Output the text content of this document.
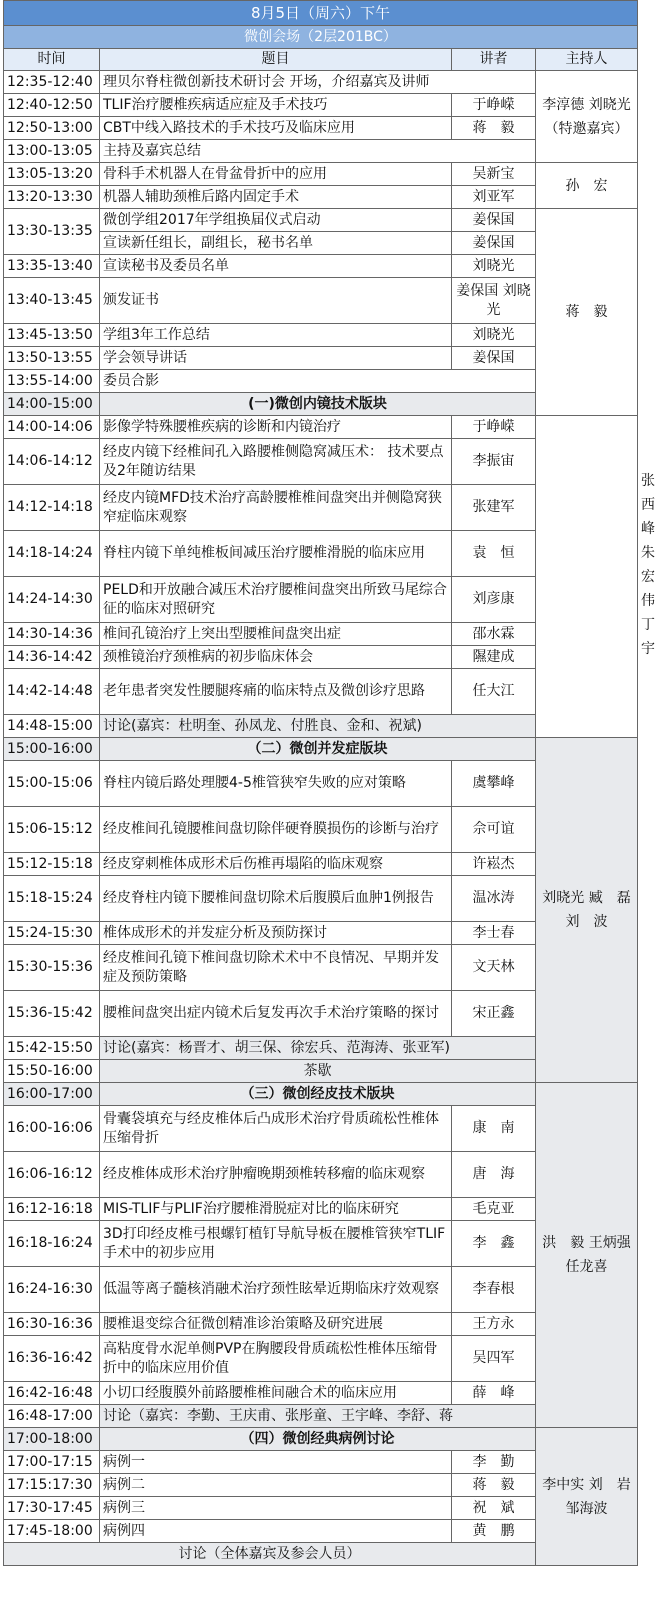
8月5日（周六）下午				
微创会场（2层201BC）				
时间	题目	讲者	主持人	
12:35-12:40	理贝尔脊柱微创新技术研讨会 开场，介绍嘉宾及讲师		李淳德 刘晓光（特邀嘉宾）	
12:40-12:50	TLIF治疗腰椎疾病适应症及手术技巧	于峥嵘		
12:50-13:00	CBT中线入路技术的手术技巧及临床应用	蒋　毅		
13:00-13:05	主持及嘉宾总结			
13:05-13:20	骨科手术机器人在骨盆骨折中的应用	吴新宝	孙　宏	
13:20-13:30	机器人辅助颈椎后路内固定手术	刘亚军		
13:30-13:35	微创学组2017年学组换届仪式启动	姜保国	蒋　毅	
	宣读新任组长，副组长，秘书名单	姜保国		
13:35-13:40	宣读秘书及委员名单	刘晓光		
13:40-13:45	颁发证书	姜保国 刘晓光		
13:45-13:50	学组3年工作总结	刘晓光		
13:50-13:55	学会领导讲话	姜保国		
13:55-14:00	委员合影			
14:00-15:00	(一)微创内镜技术版块			张西峰 朱宏伟 丁　宇
14:00-14:06	影像学特殊腰椎疾病的诊断和内镜治疗	于峥嵘		
14:06-14:12	经皮内镜下经椎间孔入路腰椎侧隐窝减压术： 技术要点及2年随访结果	李振宙		
14:12-14:18	经皮内镜MFD技术治疗高龄腰椎椎间盘突出并侧隐窝狭窄症临床观察	张建军		
14:18-14:24	脊柱内镜下单纯椎板间减压治疗腰椎滑脱的临床应用	袁　恒		
14:24-14:30	PELD和开放融合减压术治疗腰椎间盘突出所致马尾综合征的临床对照研究	刘彦康		
14:30-14:36	椎间孔镜治疗上突出型腰椎间盘突出症	邵水霖		
14:36-14:42	颈椎镜治疗颈椎病的初步临床体会	隰建成		
14:42-14:48	老年患者突发性腰腿疼痛的临床特点及微创诊疗思路	任大江		
14:48-15:00	讨论(嘉宾：杜明奎、孙凤龙、付胜良、金和、祝斌)			
15:00-16:00	（二）微创并发症版块		刘晓光 臧　磊 刘　波	
15:00-15:06	脊柱内镜后路处理腰4-5椎管狭窄失败的应对策略	虞攀峰		
15:06-15:12	经皮椎间孔镜腰椎间盘切除伴硬脊膜损伤的诊断与治疗	佘可谊		
15:12-15:18	经皮穿刺椎体成形术后伤椎再塌陷的临床观察	许崧杰		
15:18-15:24	经皮脊柱内镜下腰椎间盘切除术后腹膜后血肿1例报告	温冰涛		
15:24-15:30	椎体成形术的并发症分析及预防探讨	李士春		
15:30-15:36	经皮椎间孔镜下椎间盘切除术术中不良情况、早期并发症及预防策略	文天林		
15:36-15:42	腰椎间盘突出症内镜术后复发再次手术治疗策略的探讨	宋正鑫		
15:42-15:50	讨论(嘉宾：杨晋才、胡三保、徐宏兵、范海涛、张亚军)			
15:50-16:00	茶歇			
16:00-17:00	（三）微创经皮技术版块		洪　毅 王炳强 任龙喜	
16:00-16:06	骨囊袋填充与经皮椎体后凸成形术治疗骨质疏松性椎体压缩骨折	康　南		
16:06-16:12	经皮椎体成形术治疗肿瘤晚期颈椎转移瘤的临床观察	唐　海		
16:12-16:18	MIS-TLIF与PLIF治疗腰椎滑脱症对比的临床研究	毛克亚		
16:18-16:24	3D打印经皮椎弓根螺钉植钉导航导板在腰椎管狭窄TLIF手术中的初步应用	李　鑫		
16:24-16:30	低温等离子髓核消融术治疗颈性眩晕近期临床疗效观察	李春根		
16:30-16:36	腰椎退变综合征微创精准诊治策略及研究进展	王方永		
16:36-16:42	高粘度骨水泥单侧PVP在胸腰段骨质疏松性椎体压缩骨折中的临床应用价值	吴四军		
16:42-16:48	小切口经腹膜外前路腰椎椎间融合术的临床应用	薛　峰		
16:48-17:00	讨论（嘉宾：李勤、王庆甫、张彤童、王宇峰、李舒、蒋			
17:00-18:00	（四）微创经典病例讨论		李中实 刘　岩 邹海波	
17:00-17:15	病例一	李　勤		
17:15:17:30	病例二	蒋　毅		
17:30-17:45	病例三	祝　斌		
17:45-18:00	病例四	黄　鹏		
讨论（全体嘉宾及参会人员）				
